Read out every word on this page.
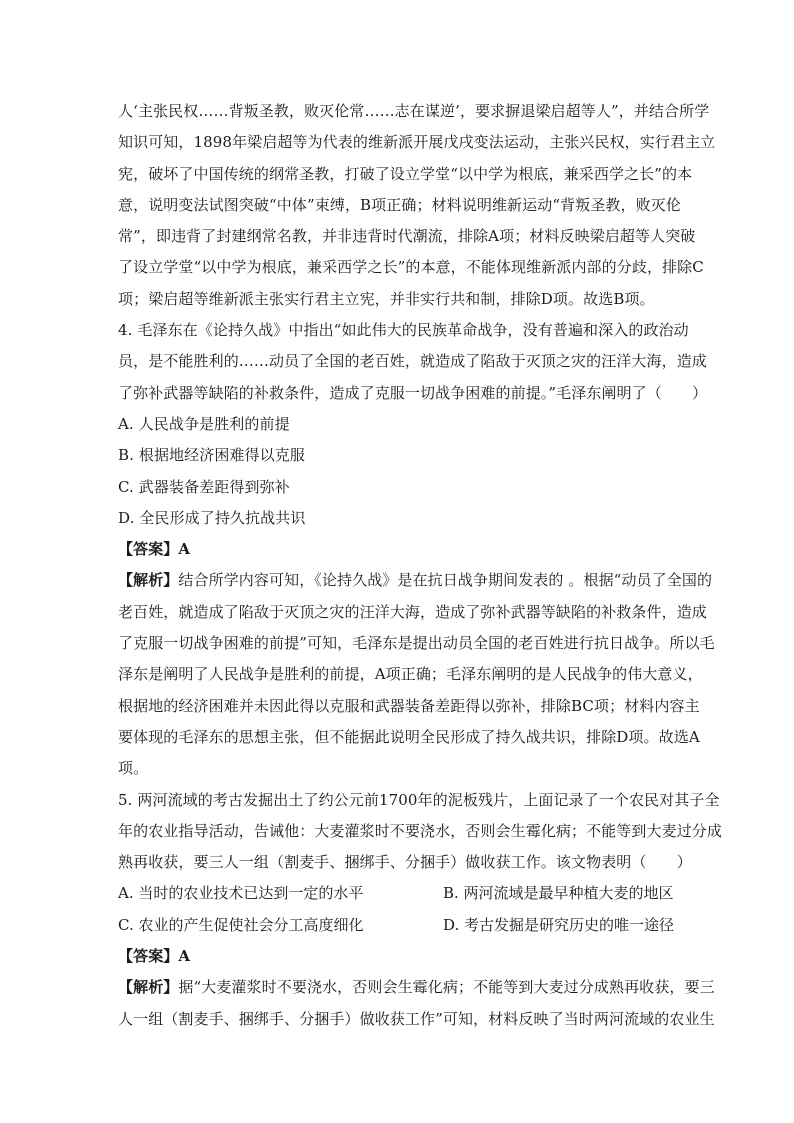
人‘主张民权……背叛圣教，败灭伦常……志在谋逆’，要求摒退梁启超等人”，并结合所学
知识可知，1898年梁启超等为代表的维新派开展戊戌变法运动，主张兴民权，实行君主立
宪，破坏了中国传统的纲常圣教，打破了设立学堂“以中学为根底，兼采西学之长”的本
意，说明变法试图突破“中体”束缚，B项正确；材料说明维新运动“背叛圣教，败灭伦
常”，即违背了封建纲常名教，并非违背时代潮流，排除A项；材料反映梁启超等人突破
了设立学堂“以中学为根底，兼采西学之长”的本意，不能体现维新派内部的分歧，排除C
项；梁启超等维新派主张实行君主立宪，并非实行共和制，排除D项。故选B项。
4. 毛泽东在《论持久战》中指出“如此伟大的民族革命战争，没有普遍和深入的政治动
员，是不能胜利的……动员了全国的老百姓，就造成了陷敌于灭顶之灾的汪洋大海，造成
了弥补武器等缺陷的补救条件，造成了克服一切战争困难的前提。”毛泽东阐明了（　　）
A. 人民战争是胜利的前提
B. 根据地经济困难得以克服
C. 武器装备差距得到弥补
D. 全民形成了持久抗战共识
【答案】A
【解析】结合所学内容可知，《论持久战》是在抗日战争期间发表的 。根据“动员了全国的
老百姓，就造成了陷敌于灭顶之灾的汪洋大海，造成了弥补武器等缺陷的补救条件，造成
了克服一切战争困难的前提”可知，毛泽东是提出动员全国的老百姓进行抗日战争。所以毛
泽东是阐明了人民战争是胜利的前提，A项正确；毛泽东阐明的是人民战争的伟大意义，
根据地的经济困难并未因此得以克服和武器装备差距得以弥补，排除BC项；材料内容主
要体现的毛泽东的思想主张，但不能据此说明全民形成了持久战共识，排除D项。故选A
项。
5. 两河流域的考古发掘出土了约公元前1700年的泥板残片，上面记录了一个农民对其子全
年的农业指导活动，告诫他：大麦灌浆时不要浇水，否则会生霉化病；不能等到大麦过分成
熟再收获，要三人一组（割麦手、捆绑手、分捆手）做收获工作。该文物表明（　　）
A. 当时的农业技术已达到一定的水平	B. 两河流域是最早种植大麦的地区
C. 农业的产生促使社会分工高度细化	D. 考古发掘是研究历史的唯一途径
【答案】A
【解析】据“大麦灌浆时不要浇水，否则会生霉化病；不能等到大麦过分成熟再收获，要三
人一组（割麦手、捆绑手、分捆手）做收获工作”可知，材料反映了当时两河流域的农业生
